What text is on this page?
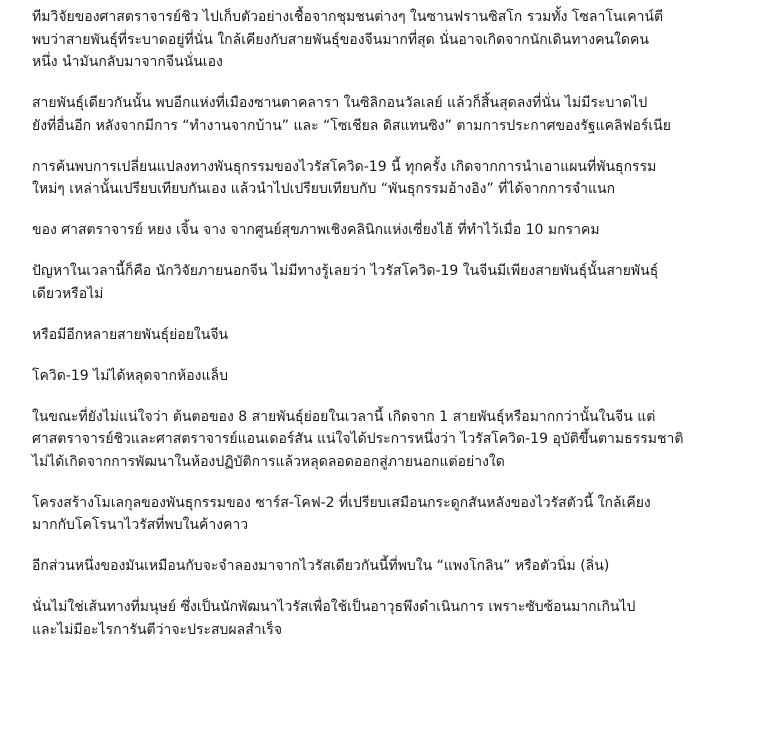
ทีมวิจัยของศาสตราจารย์ชิว ไปเก็บตัวอย่างเชื้อจากชุมชนต่างๆ ในซานฟรานซิสโก รวมทั้ง โซลาโนเคาน์ตี
พบว่าสายพันธุ์ที่ระบาดอยู่ที่นั่น ใกล้เคียงกับสายพันธุ์ของจีนมากที่สุด นั่นอาจเกิดจากนักเดินทางคนใดคน
หนึ่ง นำมันกลับมาจากจีนนั่นเอง

สายพันธุ์เดียวกันนั้น พบอีกแห่งที่เมืองซานตาคลารา ในซิลิกอนวัลเลย์ แล้วก็สิ้นสุดลงที่นั่น ไม่มีระบาดไป
ยังที่อื่นอีก หลังจากมีการ “ทำงานจากบ้าน” และ “โซเชียล ดิสแทนซิง” ตามการประกาศของรัฐแคลิฟอร์เนีย

การค้นพบการเปลี่ยนแปลงทางพันธุกรรมของไวรัสโควิด-19 นี้ ทุกครั้ง เกิดจากการนำเอาแผนที่พันธุกรรม
ใหม่ๆ เหล่านั้นเปรียบเทียบกันเอง แล้วนำไปเปรียบเทียบกับ “พันธุกรรมอ้างอิง” ที่ได้จากการจำแนก

ของ ศาสตราจารย์ หยง เจิ้น จาง จากศูนย์สุขภาพเชิงคลินิกแห่งเซี่ยงไฮ้ ที่ทำไว้เมื่อ 10 มกราคม

ปัญหาในเวลานี้ก็คือ นักวิจัยภายนอกจีน ไม่มีทางรู้เลยว่า ไวรัสโควิด-19 ในจีนมีเพียงสายพันธุ์นั้นสายพันธุ์
เดียวหรือไม่

หรือมีอีกหลายสายพันธุ์ย่อยในจีน

โควิด-19 ไม่ได้หลุดจากห้องแล็บ

ในขณะที่ยังไม่แน่ใจว่า ต้นตอของ 8 สายพันธุ์ย่อยในเวลานี้ เกิดจาก 1 สายพันธุ์หรือมากกว่านั้นในจีน แต่
ศาสตราจารย์ชิวและศาสตราจารย์แอนเดอร์สัน แน่ใจได้ประการหนึ่งว่า ไวรัสโควิด-19 อุบัติขึ้นตามธรรมชาติ
ไม่ได้เกิดจากการพัฒนาในห้องปฏิบัติการแล้วหลุดลอดออกสู่ภายนอกแต่อย่างใด

โครงสร้างโมเลกุลของพันธุกรรมของ ซาร์ส-โคฟ-2 ที่เปรียบเสมือนกระดูกสันหลังของไวรัสตัวนี้ ใกล้เคียง
มากกับโคโรนาไวรัสที่พบในค้างคาว

อีกส่วนหนึ่งของมันเหมือนกับจะจำลองมาจากไวรัสเดียวกันนี้ที่พบใน “แพงโกลิน” หรือตัวนิ่ม (ลิ่น)

นั่นไม่ใช่เส้นทางที่มนุษย์ ซึ่งเป็นนักพัฒนาไวรัสเพื่อใช้เป็นอาวุธพึงดำเนินการ เพราะซับซ้อนมากเกินไป
และไม่มีอะไรการันตีว่าจะประสบผลสำเร็จ
